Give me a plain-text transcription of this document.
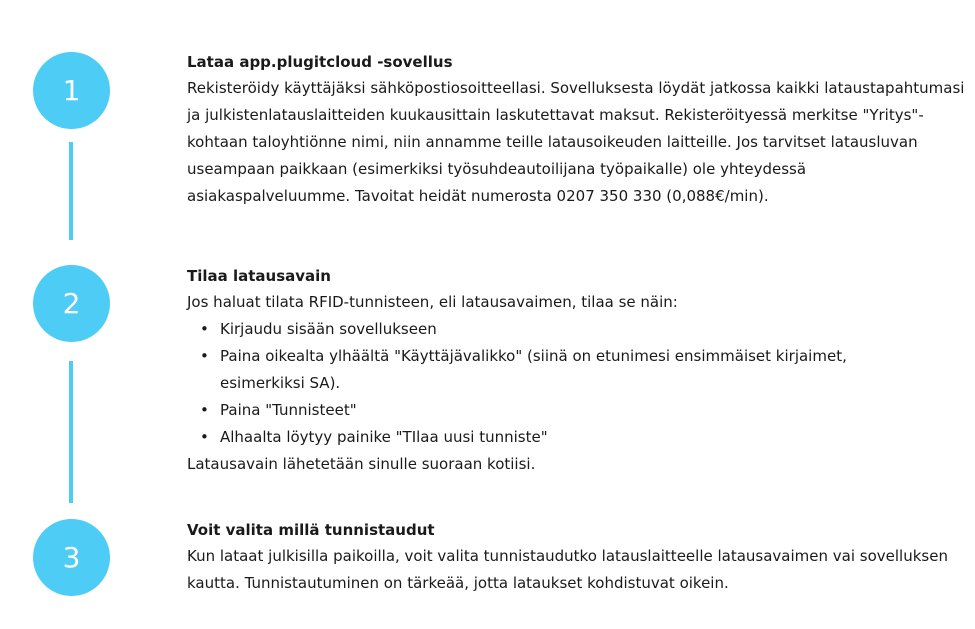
1
2
3

Lataa app.plugitcloud -sovellus

Rekisteröidy käyttäjäksi sähköpostiosoitteellasi. Sovelluksesta löydät jatkossa kaikki lataustapahtumasi ja julkistenlatauslaitteiden kuukausittain laskutettavat maksut. Rekisteröityessä merkitse "Yritys"-kohtaan taloyhtiönne nimi, niin annamme teille latausoikeuden laitteille. Jos tarvitset latausluvan useampaan paikkaan (esimerkiksi työsuhdeautoilijana työpaikalle) ole yhteydessä asiakaspalveluumme. Tavoitat heidät numerosta 0207 350 330 (0,088€/min).

Tilaa latausavain

Jos haluat tilata RFID-tunnisteen, eli latausavaimen, tilaa se näin:

• Kirjaudu sisään sovellukseen
• Paina oikealta ylhäältä "Käyttäjävalikko" (siinä on etunimesi ensimmäiset kirjaimet, esimerkiksi SA).
• Paina "Tunnisteet"
• Alhaalta löytyy painike "TIlaa uusi tunniste"

Latausavain lähetetään sinulle suoraan kotiisi.

Voit valita millä tunnistaudut

Kun lataat julkisilla paikoilla, voit valita tunnistaudutko latauslaitteelle latausavaimen vai sovelluksen kautta. Tunnistautuminen on tärkeää, jotta lataukset kohdistuvat oikein.
